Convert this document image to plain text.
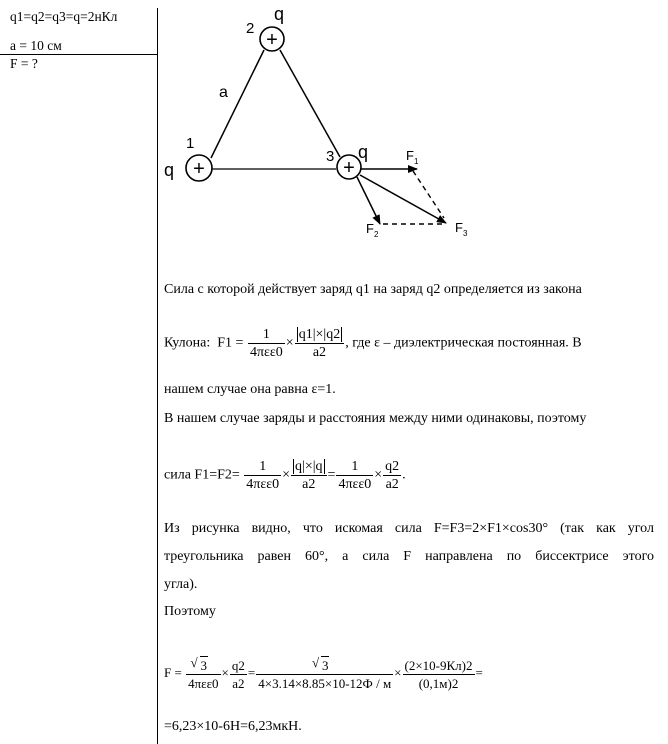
q1=q2=q3=q=2нКл
a = 10 см
F = ?
+
+	+
q
2
a
1
q
3 q	$F_1$
$F_2$	$F_3$
Сила с которой действует заряд q1 на заряд q2 определяется из закона
Кулона: $F1 = \frac{1}{\text{4πεε0}} \times \frac{q1|\times|q2}{a2}$ , где ε – диэлектрическая постоянная. В
нашем случае она равна ε=1.
В нашем случае заряды и расстояния между ними одинаковы, поэтому
сила $F1=F2= \frac{1}{\text{4πεε0}} \times \frac{q|\times|q}{a2} = \frac{1}{\text{4πεε0}} \times \frac{q2}{a2}$ .
Из рисунка видно, что искомая сила F=F3=2×F1×cos30° (так как угол
треугольника равен 60°, а сила F направлена по биссектрисе этого
угла).
Поэтому
F = √ $\frac{3}{\text{4πεε0}} \times \frac{q2}{a2}$ = √ $\frac{3}{4\times 3.14\times 8.85\times 10-12Ф / м} \times \frac{(2\times 10-9Кл)2}{(0,1м)2}$ =
=6,23×10-6Н=6,23мкН.
